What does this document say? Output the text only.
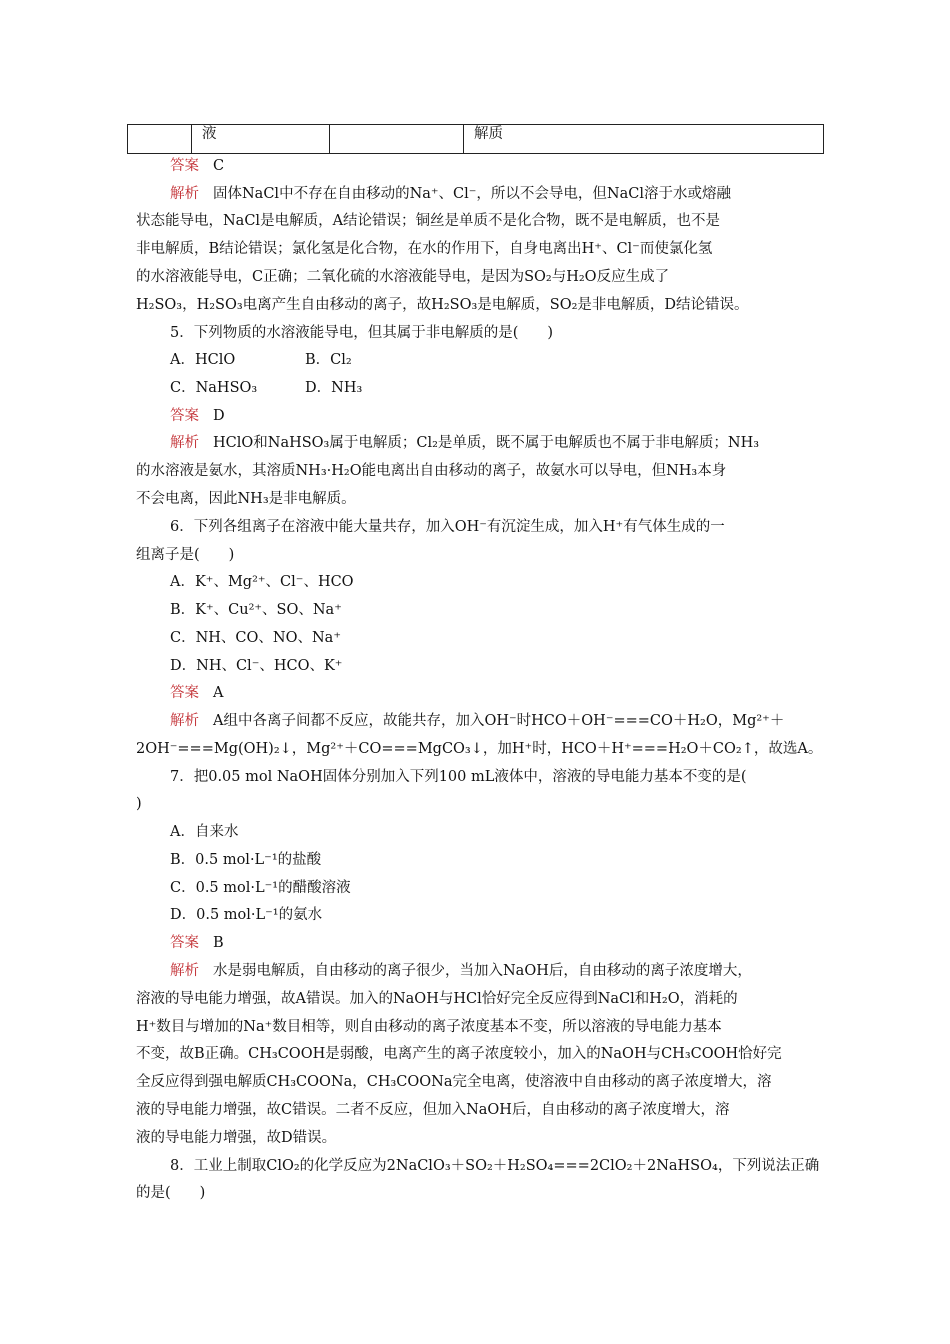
	液		解质
答案 C
解析 固体NaCl中不存在自由移动的Na⁺、Cl⁻，所以不会导电，但NaCl溶于水或熔融
状态能导电，NaCl是电解质，A结论错误；铜丝是单质不是化合物，既不是电解质，也不是
非电解质，B结论错误；氯化氢是化合物，在水的作用下，自身电离出H⁺、Cl⁻而使氯化氢
的水溶液能导电，C正确；二氧化硫的水溶液能导电，是因为SO₂与H₂O反应生成了
H₂SO₃，H₂SO₃电离产生自由移动的离子，故H₂SO₃是电解质，SO₂是非电解质，D结论错误。
5．下列物质的水溶液能导电，但其属于非电解质的是(　　)
A．HClO	B．Cl₂
C．NaHSO₃	D．NH₃
答案 D
解析 HClO和NaHSO₃属于电解质；Cl₂是单质，既不属于电解质也不属于非电解质；NH₃
的水溶液是氨水，其溶质NH₃·H₂O能电离出自由移动的离子，故氨水可以导电，但NH₃本身
不会电离，因此NH₃是非电解质。
6．下列各组离子在溶液中能大量共存，加入OH⁻有沉淀生成，加入H⁺有气体生成的一
组离子是(　　)
A．K⁺、Mg²⁺、Cl⁻、HCO
B．K⁺、Cu²⁺、SO、Na⁺
C．NH、CO、NO、Na⁺
D．NH、Cl⁻、HCO、K⁺
答案 A
解析 A组中各离子间都不反应，故能共存，加入OH⁻时HCO＋OH⁻===CO＋H₂O，Mg²⁺＋
2OH⁻===Mg(OH)₂↓，Mg²⁺＋CO===MgCO₃↓，加H⁺时，HCO＋H⁺===H₂O＋CO₂↑，故选A。
7．把0.05 mol NaOH固体分别加入下列100 mL液体中，溶液的导电能力基本不变的是(
)
A．自来水
B．0.5 mol·L⁻¹的盐酸
C．0.5 mol·L⁻¹的醋酸溶液
D．0.5 mol·L⁻¹的氨水
答案 B
解析 水是弱电解质，自由移动的离子很少，当加入NaOH后，自由移动的离子浓度增大，
溶液的导电能力增强，故A错误。加入的NaOH与HCl恰好完全反应得到NaCl和H₂O，消耗的
H⁺数目与增加的Na⁺数目相等，则自由移动的离子浓度基本不变，所以溶液的导电能力基本
不变，故B正确。CH₃COOH是弱酸，电离产生的离子浓度较小，加入的NaOH与CH₃COOH恰好完
全反应得到强电解质CH₃COONa，CH₃COONa完全电离，使溶液中自由移动的离子浓度增大，溶
液的导电能力增强，故C错误。二者不反应，但加入NaOH后，自由移动的离子浓度增大，溶
液的导电能力增强，故D错误。
8．工业上制取ClO₂的化学反应为2NaClO₃＋SO₂＋H₂SO₄===2ClO₂＋2NaHSO₄，下列说法正确
的是(　　)
